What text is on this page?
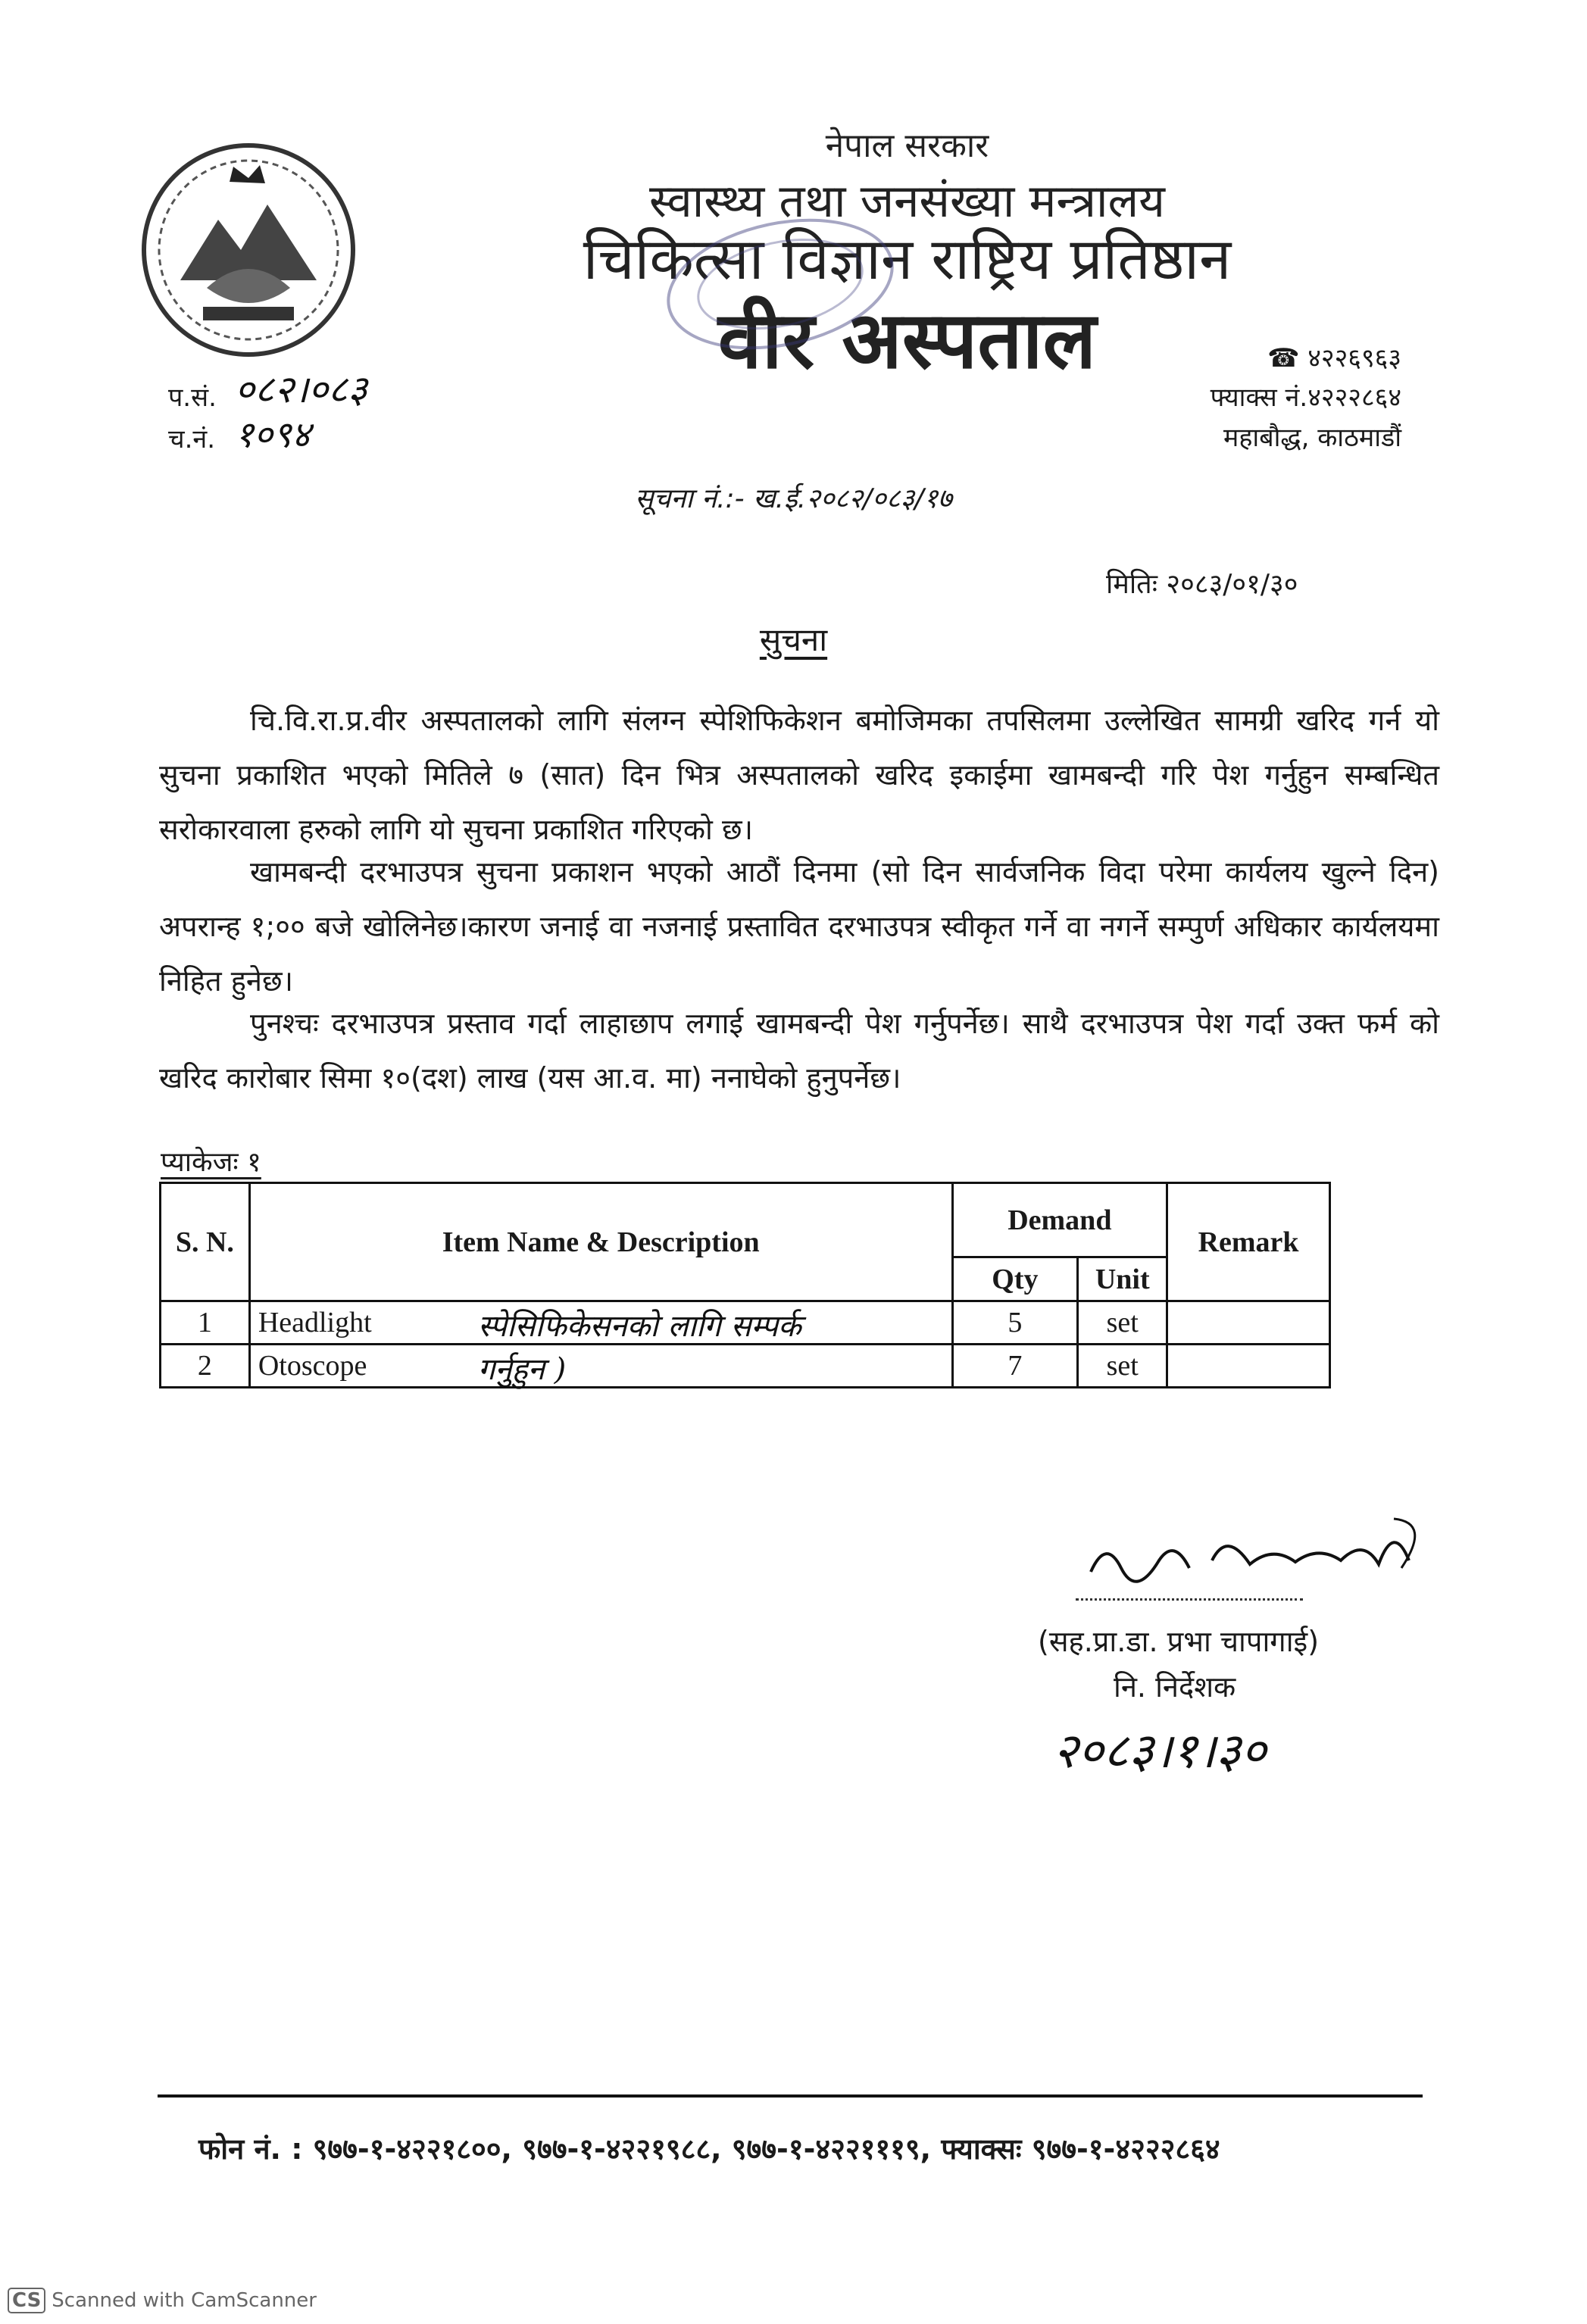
नेपाल सरकार
स्वास्थ्य तथा जनसंख्या मन्त्रालय
चिकित्सा विज्ञान राष्ट्रिय प्रतिष्ठान
वीर अस्पताल
प.सं. ०८२।०८३
च.नं. १०९४
☎ ४२२६९६३
फ्याक्स नं.४२२२८६४
महाबौद्ध, काठमाडौं
सूचना नं.:- ख.ई.२०८२/०८३/१७
मितिः २०८३/०१/३०
सुचना
चि.वि.रा.प्र.वीर अस्पतालको लागि संलग्न स्पेशिफिकेशन बमोजिमका तपसिलमा उल्लेखित सामग्री खरिद गर्न यो सुचना प्रकाशित भएको मितिले ७ (सात) दिन भित्र अस्पतालको खरिद इकाईमा खामबन्दी गरि पेश गर्नुहुन सम्बन्धित सरोकारवाला हरुको लागि यो सुचना प्रकाशित गरिएको छ।
खामबन्दी दरभाउपत्र सुचना प्रकाशन भएको आठौं दिनमा (सो दिन सार्वजनिक विदा परेमा कार्यलय खुल्ने दिन) अपरान्ह १;०० बजे खोलिनेछ।कारण जनाई वा नजनाई प्रस्तावित दरभाउपत्र स्वीकृत गर्ने वा नगर्ने सम्पुर्ण अधिकार कार्यलयमा निहित हुनेछ।
पुनश्चः दरभाउपत्र प्रस्ताव गर्दा लाहाछाप लगाई खामबन्दी पेश गर्नुपर्नेछ। साथै दरभाउपत्र पेश गर्दा उक्त फर्म को खरिद कारोबार सिमा १०(दश) लाख (यस आ.व. मा) ननाघेको हुनुपर्नेछ।
प्याकेजः १
S. N.	Item Name & Description	Demand		Remark
		Qty	Unit	
1	Headlight स्पेसिफिकेसनको लागि सम्पर्क	5	set	
2	Otoscope गर्नुहुन )	7	set	
(सह.प्रा.डा. प्रभा चापागाई)
नि. निर्देशक
२०८३।१।३०
फोन नं. : ९७७-१-४२२१८००, ९७७-१-४२२१९८८, ९७७-१-४२२१११९, फ्याक्सः ९७७-१-४२२२८६४
CS Scanned with CamScanner
